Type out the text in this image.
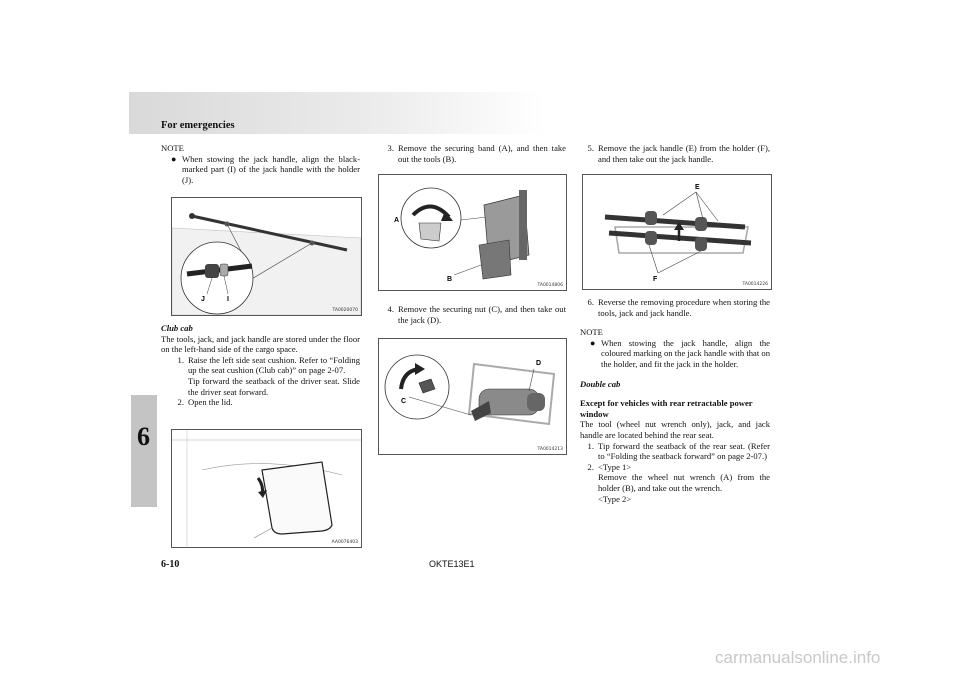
For emergencies
6

NOTE

● When stowing the jack handle, align the black-marked part (I) of the jack handle with the holder (J).
J	I
TA0020070

Club cab

The tools, jack, and jack handle are stored under the floor on the left-hand side of the cargo space.

1. Raise the left side seat cushion. Refer to “Folding up the seat cushion (Club cab)” on page 2-07.

Tip forward the seatback of the driver seat. Slide the driver seat forward.

2. Open the lid.

AA0076403
3. Remove the securing band (A), and then take out the tools (B).

A
B
TA0014806
4. Remove the securing nut (C), and then take out the jack (D).

D
C
TA0014213
5. Remove the jack handle (E) from the holder (F), and then take out the jack handle.

E
F
TA0014226
6. Reverse the removing procedure when storing the tools, jack and jack handle.

NOTE

● When stowing the jack handle, align the coloured marking on the jack handle with that on the holder, and fit the jack in the holder.

Double cab

Except for vehicles with rear retractable power window

The tool (wheel nut wrench only), jack, and jack handle are located behind the rear seat.

1. Tip forward the seatback of the rear seat. (Refer to “Folding the seatback forward” on page 2-07.)

2. <Type 1>

Remove the wheel nut wrench (A) from the holder (B), and take out the wrench.

<Type 2>

6-10	OKTE13E1
carmanualsonline.info
